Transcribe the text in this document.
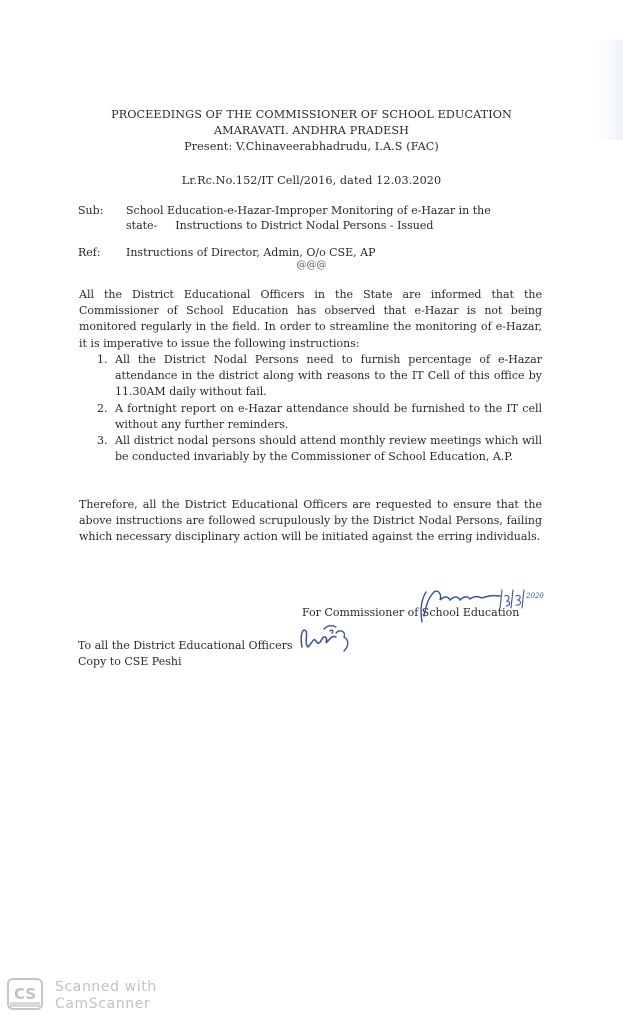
PROCEEDINGS OF THE COMMISSIONER OF SCHOOL EDUCATION
AMARAVATI. ANDHRA PRADESH
Present: V.Chinaveerabhadrudu, I.A.S (FAC)
Lr.Rc.No.152/IT Cell/2016, dated 12.03.2020
Sub: School Education-e-Hazar-Improper Monitoring of e-Hazar in the
state- Instructions to District Nodal Persons - Issued
Ref: Instructions of Director, Admin, O/o CSE, AP
@@@
All the District Educational Officers in the State are informed that the Commissioner of School Education has observed that e-Hazar is not being monitored regularly in the field. In order to streamline the monitoring of e-Hazar, it is imperative to issue the following instructions:
1. All the District Nodal Persons need to furnish percentage of e-Hazar attendance in the district along with reasons to the IT Cell of this office by 11.30AM daily without fail.
2. A fortnight report on e-Hazar attendance should be furnished to the IT cell without any further reminders.
3. All district nodal persons should attend monthly review meetings which will be conducted invariably by the Commissioner of School Education, A.P.
Therefore, all the District Educational Officers are requested to ensure that the above instructions are followed scrupulously by the District Nodal Persons, failing which necessary disciplinary action will be initiated against the erring individuals.
For Commissioner of School Education
2020
To all the District Educational Officers
Copy to CSE Peshi
CS Scanned with
CamScanner
